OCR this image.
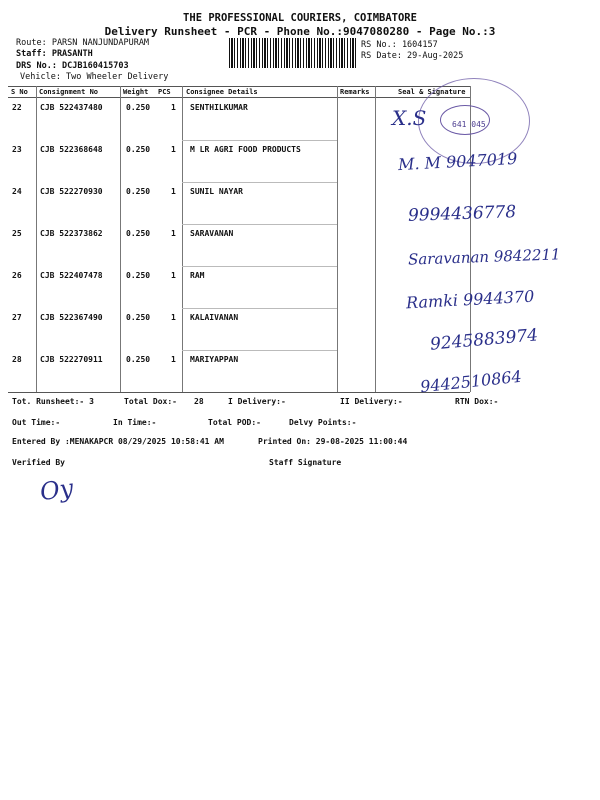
THE PROFESSIONAL COURIERS, COIMBATORE
Delivery Runsheet - PCR - Phone No.:9047080280 - Page No.:3
Route: PARSN NANJUNDAPURAM
Staff: PRASANTH
DRS No.: DCJB160415703
Vehicle: Two Wheeler Delivery
RS No.: 1604157
RS Date: 29-Aug-2025
S No Consignment No	Weight PCS Consignee Details	Remarks	Seal & Signature
22 CJB 522437480	0.250	1 SENTHILKUMAR
23 CJB 522368648	0.250	1 M LR AGRI FOOD PRODUCTS
24 CJB 522270930	0.250	1 SUNIL NAYAR
25 CJB 522373862	0.250	1 SARAVANAN
26 CJB 522407478	0.250	1 RAM
27 CJB 522367490	0.250	1 KALAIVANAN
28 CJB 522270911	0.250	1 MARIYAPPAN
641 045
X.S
M. M 9047019
9994436778
Saravanan 9842211
Ramki 9944370
9245883974
9442510864
Tot. Runsheet:- 3	Total Dox:- 28	I Delivery:-	II Delivery:-	RTN Dox:-
Out Time:-	In Time:-	Total POD:-	Delvy Points:-
Entered By :MENAKAPCR 08/29/2025 10:58:41 AM	Printed On: 29-08-2025 11:00:44
Verified By	Staff Signature
Oy
